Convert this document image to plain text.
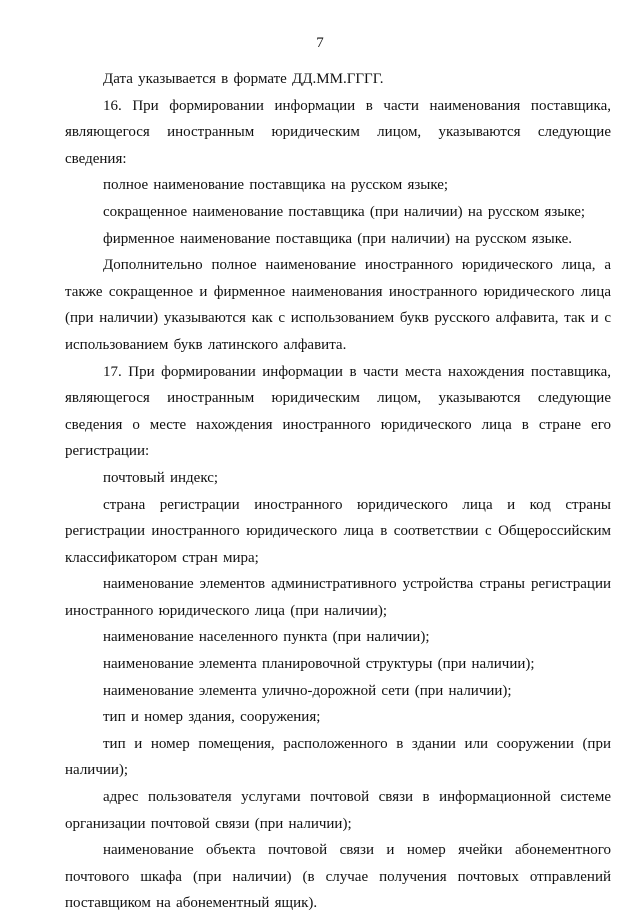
7

Дата указывается в формате ДД.ММ.ГГГГ.

16. При формировании информации в части наименования поставщика, являющегося иностранным юридическим лицом, указываются следующие сведения:

полное наименование поставщика на русском языке;

сокращенное наименование поставщика (при наличии) на русском языке;

фирменное наименование поставщика (при наличии) на русском языке.

Дополнительно полное наименование иностранного юридического лица, а также сокращенное и фирменное наименования иностранного юридического лица (при наличии) указываются как с использованием букв русского алфавита, так и с использованием букв латинского алфавита.

17. При формировании информации в части места нахождения поставщика, являющегося иностранным юридическим лицом, указываются следующие сведения о месте нахождения иностранного юридического лица в стране его регистрации:

почтовый индекс;

страна регистрации иностранного юридического лица и код страны регистрации иностранного юридического лица в соответствии с Общероссийским классификатором стран мира;

наименование элементов административного устройства страны регистрации иностранного юридического лица (при наличии);

наименование населенного пункта (при наличии);

наименование элемента планировочной структуры (при наличии);

наименование элемента улично-дорожной сети (при наличии);

тип и номер здания, сооружения;

тип и номер помещения, расположенного в здании или сооружении (при наличии);

адрес пользователя услугами почтовой связи в информационной системе организации почтовой связи (при наличии);

наименование объекта почтовой связи и номер ячейки абонементного почтового шкафа (при наличии) (в случае получения почтовых отправлений поставщиком на абонементный ящик).
